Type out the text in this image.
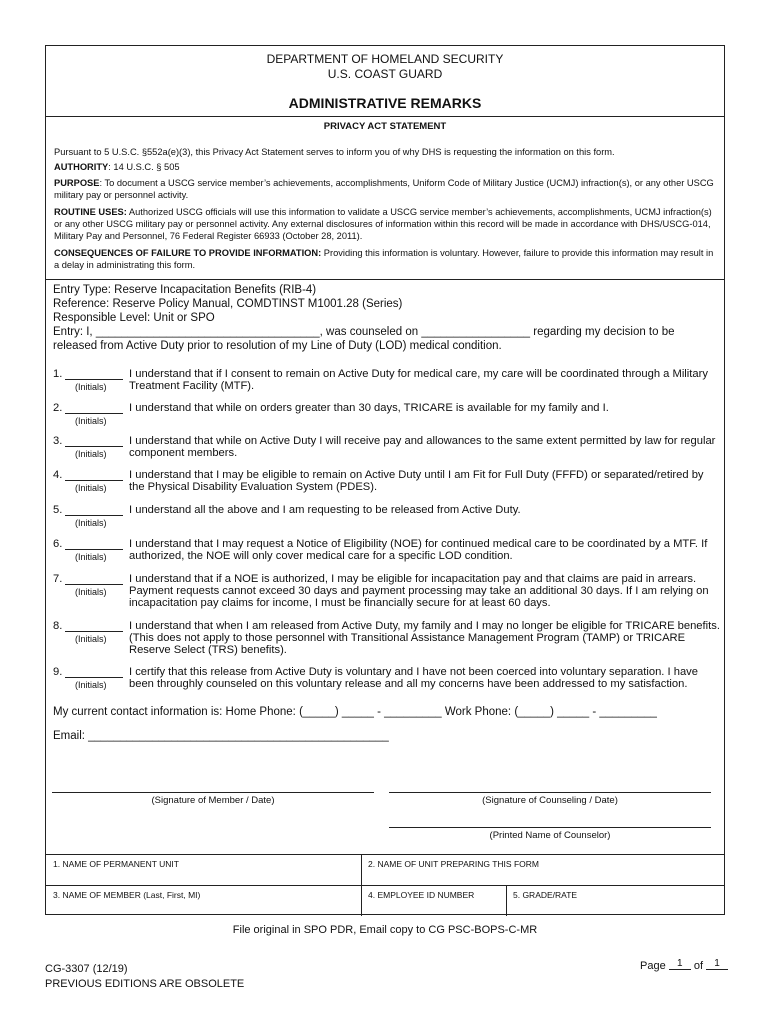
DEPARTMENT OF HOMELAND SECURITY
U.S. COAST GUARD
ADMINISTRATIVE REMARKS
PRIVACY ACT STATEMENT
Pursuant to 5 U.S.C. §552a(e)(3), this Privacy Act Statement serves to inform you of why DHS is requesting the information on this form.
AUTHORITY: 14 U.S.C. § 505
PURPOSE: To document a USCG service member’s achievements, accomplishments, Uniform Code of Military Justice (UCMJ) infraction(s), or any other USCG military pay or personnel activity.
ROUTINE USES: Authorized USCG officials will use this information to validate a USCG service member’s achievements, accomplishments, UCMJ infraction(s) or any other USCG military pay or personnel activity. Any external disclosures of information within this record will be made in accordance with DHS/USCG-014, Military Pay and Personnel, 76 Federal Register 66933 (October 28, 2011).
CONSEQUENCES OF FAILURE TO PROVIDE INFORMATION: Providing this information is voluntary. However, failure to provide this information may result in a delay in administrating this form.
Entry Type: Reserve Incapacitation Benefits (RIB-4)
Reference: Reserve Policy Manual, COMDTINST M1001.28 (Series)
Responsible Level: Unit or SPO
Entry: I, ___________________________________, was counseled on _________________ regarding my decision to be
released from Active Duty prior to resolution of my Line of Duty (LOD) medical condition.
1.
(Initials)
I understand that if I consent to remain on Active Duty for medical care, my care will be coordinated through a Military Treatment Facility (MTF).
2.
(Initials)
I understand that while on orders greater than 30 days, TRICARE is available for my family and I.
3.
(Initials)
I understand that while on Active Duty I will receive pay and allowances to the same extent permitted by law for regular component members.
4.
(Initials)
I understand that I may be eligible to remain on Active Duty until I am Fit for Full Duty (FFFD) or separated/retired by the Physical Disability Evaluation System (PDES).
5.
(Initials)
I understand all the above and I am requesting to be released from Active Duty.
6.
(Initials)
I understand that I may request a Notice of Eligibility (NOE) for continued medical care to be coordinated by a MTF. If authorized, the NOE will only cover medical care for a specific LOD condition.
7.
(Initials)
I understand that if a NOE is authorized, I may be eligible for incapacitation pay and that claims are paid in arrears. Payment requests cannot exceed 30 days and payment processing may take an additional 30 days. If I am relying on incapacitation pay claims for income, I must be financially secure for at least 60 days.
8.
(Initials)
I understand that when I am released from Active Duty, my family and I may no longer be eligible for TRICARE benefits. (This does not apply to those personnel with Transitional Assistance Management Program (TAMP) or TRICARE Reserve Select (TRS) benefits).
9.
(Initials)
I certify that this release from Active Duty is voluntary and I have not been coerced into voluntary separation. I have been throughly counseled on this voluntary release and all my concerns have been addressed to my satisfaction.
My current contact information is: Home Phone: (_____) _____ - _________ Work Phone: (_____) _____ - _________
Email: _______________________________________________
(Signature of Member / Date)	(Signature of Counseling / Date)
(Printed Name of Counselor)
1. NAME OF PERMANENT UNIT	2. NAME OF UNIT PREPARING THIS FORM
3. NAME OF MEMBER (Last, First, MI)	4. EMPLOYEE ID NUMBER	5. GRADE/RATE
File original in SPO PDR, Email copy to CG PSC-BOPS-C-MR
CG-3307 (12/19)
PREVIOUS EDITIONS ARE OBSOLETE
Page 1 of 1
